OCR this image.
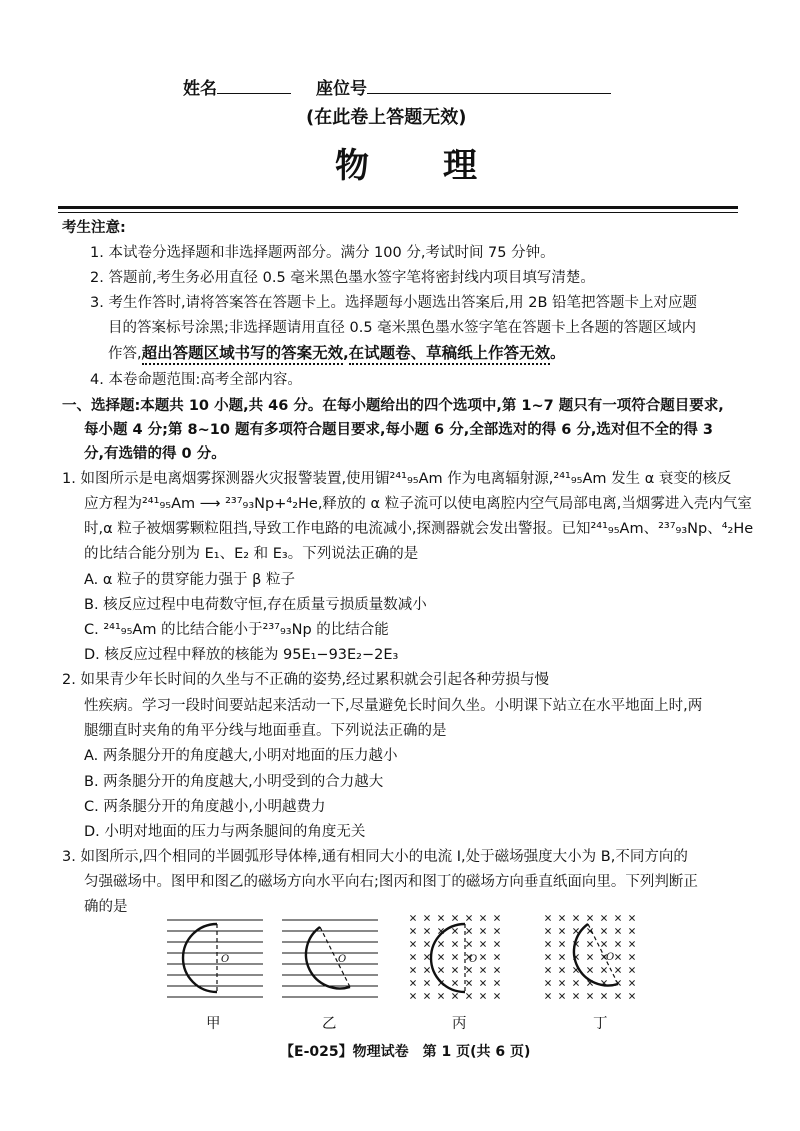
姓名	座位号
(在此卷上答题无效)
物　　理
考生注意:
1. 本试卷分选择题和非选择题两部分。满分 100 分,考试时间 75 分钟。
2. 答题前,考生务必用直径 0.5 毫米黑色墨水签字笔将密封线内项目填写清楚。
3. 考生作答时,请将答案答在答题卡上。选择题每小题选出答案后,用 2B 铅笔把答题卡上对应题
目的答案标号涂黑;非选择题请用直径 0.5 毫米黑色墨水签字笔在答题卡上各题的答题区域内
作答,超出答题区域书写的答案无效,在试题卷、草稿纸上作答无效。
4. 本卷命题范围:高考全部内容。
一、选择题:本题共 10 小题,共 46 分。在每小题给出的四个选项中,第 1~7 题只有一项符合题目要求,
每小题 4 分;第 8~10 题有多项符合题目要求,每小题 6 分,全部选对的得 6 分,选对但不全的得 3
分,有选错的得 0 分。
1. 如图所示是电离烟雾探测器火灾报警装置,使用镅²⁴¹₉₅Am 作为电离辐射源,²⁴¹₉₅Am 发生 α 衰变的核反
应方程为²⁴¹₉₅Am ⟶ ²³⁷₉₃Np+⁴₂He,释放的 α 粒子流可以使电离腔内空气局部电离,当烟雾进入壳内气室
时,α 粒子被烟雾颗粒阻挡,导致工作电路的电流减小,探测器就会发出警报。已知²⁴¹₉₅Am、²³⁷₉₃Np、⁴₂He
的比结合能分别为 E₁、E₂ 和 E₃。下列说法正确的是
A. α 粒子的贯穿能力强于 β 粒子
B. 核反应过程中电荷数守恒,存在质量亏损质量数减小
C. ²⁴¹₉₅Am 的比结合能小于²³⁷₉₃Np 的比结合能
D. 核反应过程中释放的核能为 95E₁−93E₂−2E₃
2. 如果青少年长时间的久坐与不正确的姿势,经过累积就会引起各种劳损与慢
性疾病。学习一段时间要站起来活动一下,尽量避免长时间久坐。小明课下站立在水平地面上时,两
腿绷直时夹角的角平分线与地面垂直。下列说法正确的是
A. 两条腿分开的角度越大,小明对地面的压力越小
B. 两条腿分开的角度越大,小明受到的合力越大
C. 两条腿分开的角度越小,小明越费力
D. 小明对地面的压力与两条腿间的角度无关
3. 如图所示,四个相同的半圆弧形导体棒,通有相同大小的电流 I,处于磁场强度大小为 B,不同方向的
匀强磁场中。图甲和图乙的磁场方向水平向右;图丙和图丁的磁场方向垂直纸面向里。下列判断正
确的是
O
甲
O
乙
O
丙
O
丁
【E-025】物理试卷　第 1 页(共 6 页)
